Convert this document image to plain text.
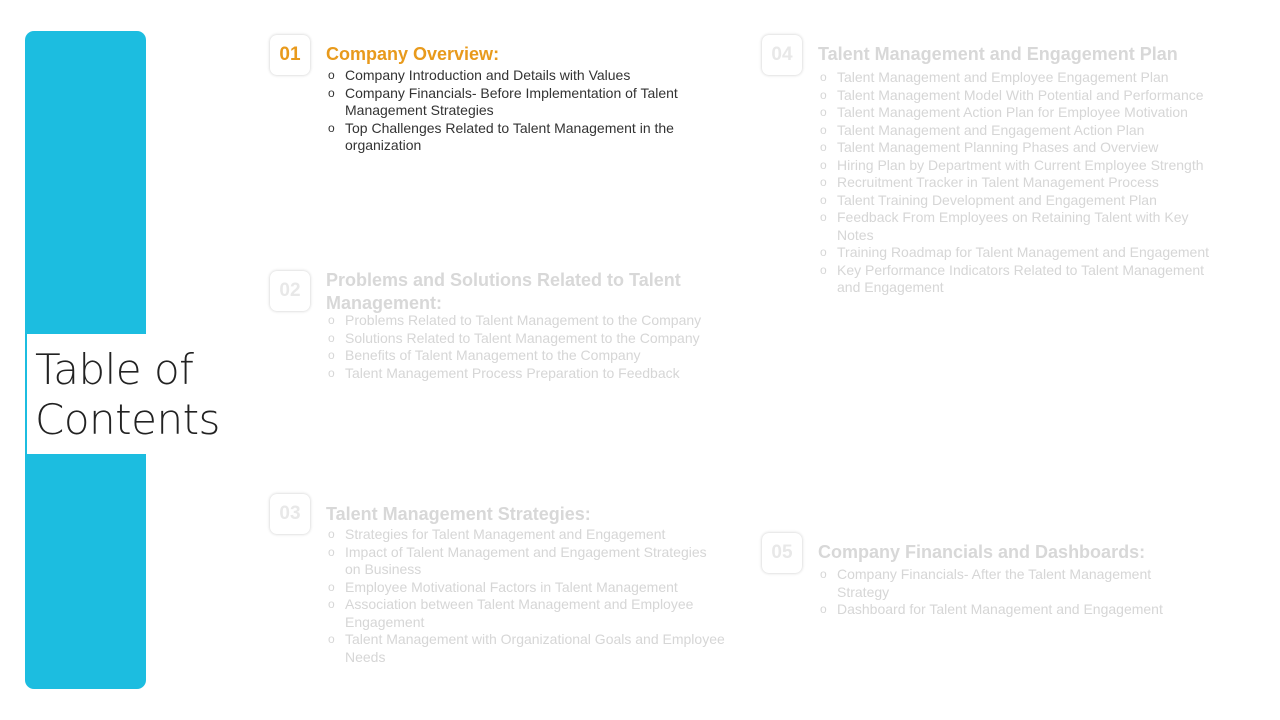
Table of Contents
01	Company Overview:
o Company Introduction and Details with Values
o Company Financials- Before Implementation of Talent Management Strategies
o Top Challenges Related to Talent Management in the organization
02	Problems and Solutions Related to Talent Management:
o Problems Related to Talent Management to the Company
o Solutions Related to Talent Management to the Company
o Benefits of Talent Management to the Company
o Talent Management Process Preparation to Feedback
03	Talent Management Strategies:
o Strategies for Talent Management and Engagement
o Impact of Talent Management and Engagement Strategies on Business
o Employee Motivational Factors in Talent Management
o Association between Talent Management and Employee Engagement
o Talent Management with Organizational Goals and Employee Needs
04	Talent Management and Engagement Plan
o Talent Management and Employee Engagement Plan
o Talent Management Model With Potential and Performance
o Talent Management Action Plan for Employee Motivation
o Talent Management and Engagement Action Plan
o Talent Management Planning Phases and Overview
o Hiring Plan by Department with Current Employee Strength
o Recruitment Tracker in Talent Management Process
o Talent Training Development and Engagement Plan
o Feedback From Employees on Retaining Talent with Key Notes
o Training Roadmap for Talent Management and Engagement
o Key Performance Indicators Related to Talent Management and Engagement
05	Company Financials and Dashboards:
o Company Financials- After the Talent Management Strategy
o Dashboard for Talent Management and Engagement
